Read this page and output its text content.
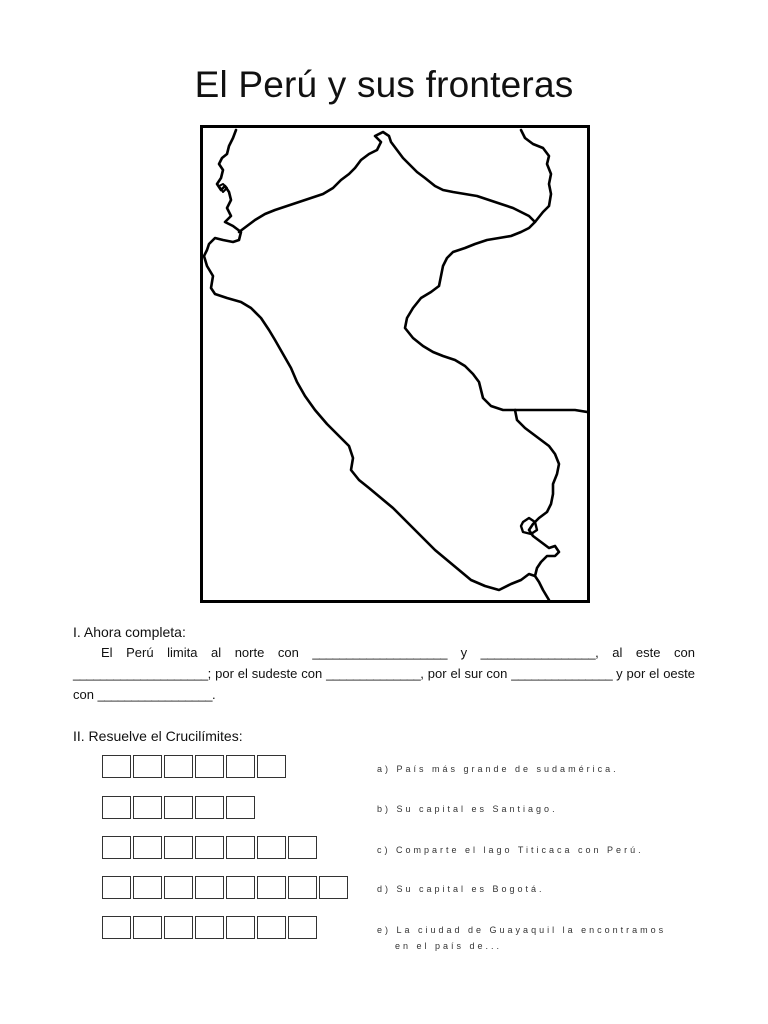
El Perú y sus fronteras
I. Ahora completa:
El Perú limita al norte con ____________________ y _________________, al este con ____________________; por el sudeste con ______________, por el sur con _______________ y por el oeste con _________________.
II. Resuelve el Crucilímites:
a) País más grande de sudamérica.
b) Su capital es Santiago.
c) Comparte el lago Titicaca con Perú.
d) Su capital es Bogotá.
e) La ciudad de Guayaquil la encontramos
en el país de...
